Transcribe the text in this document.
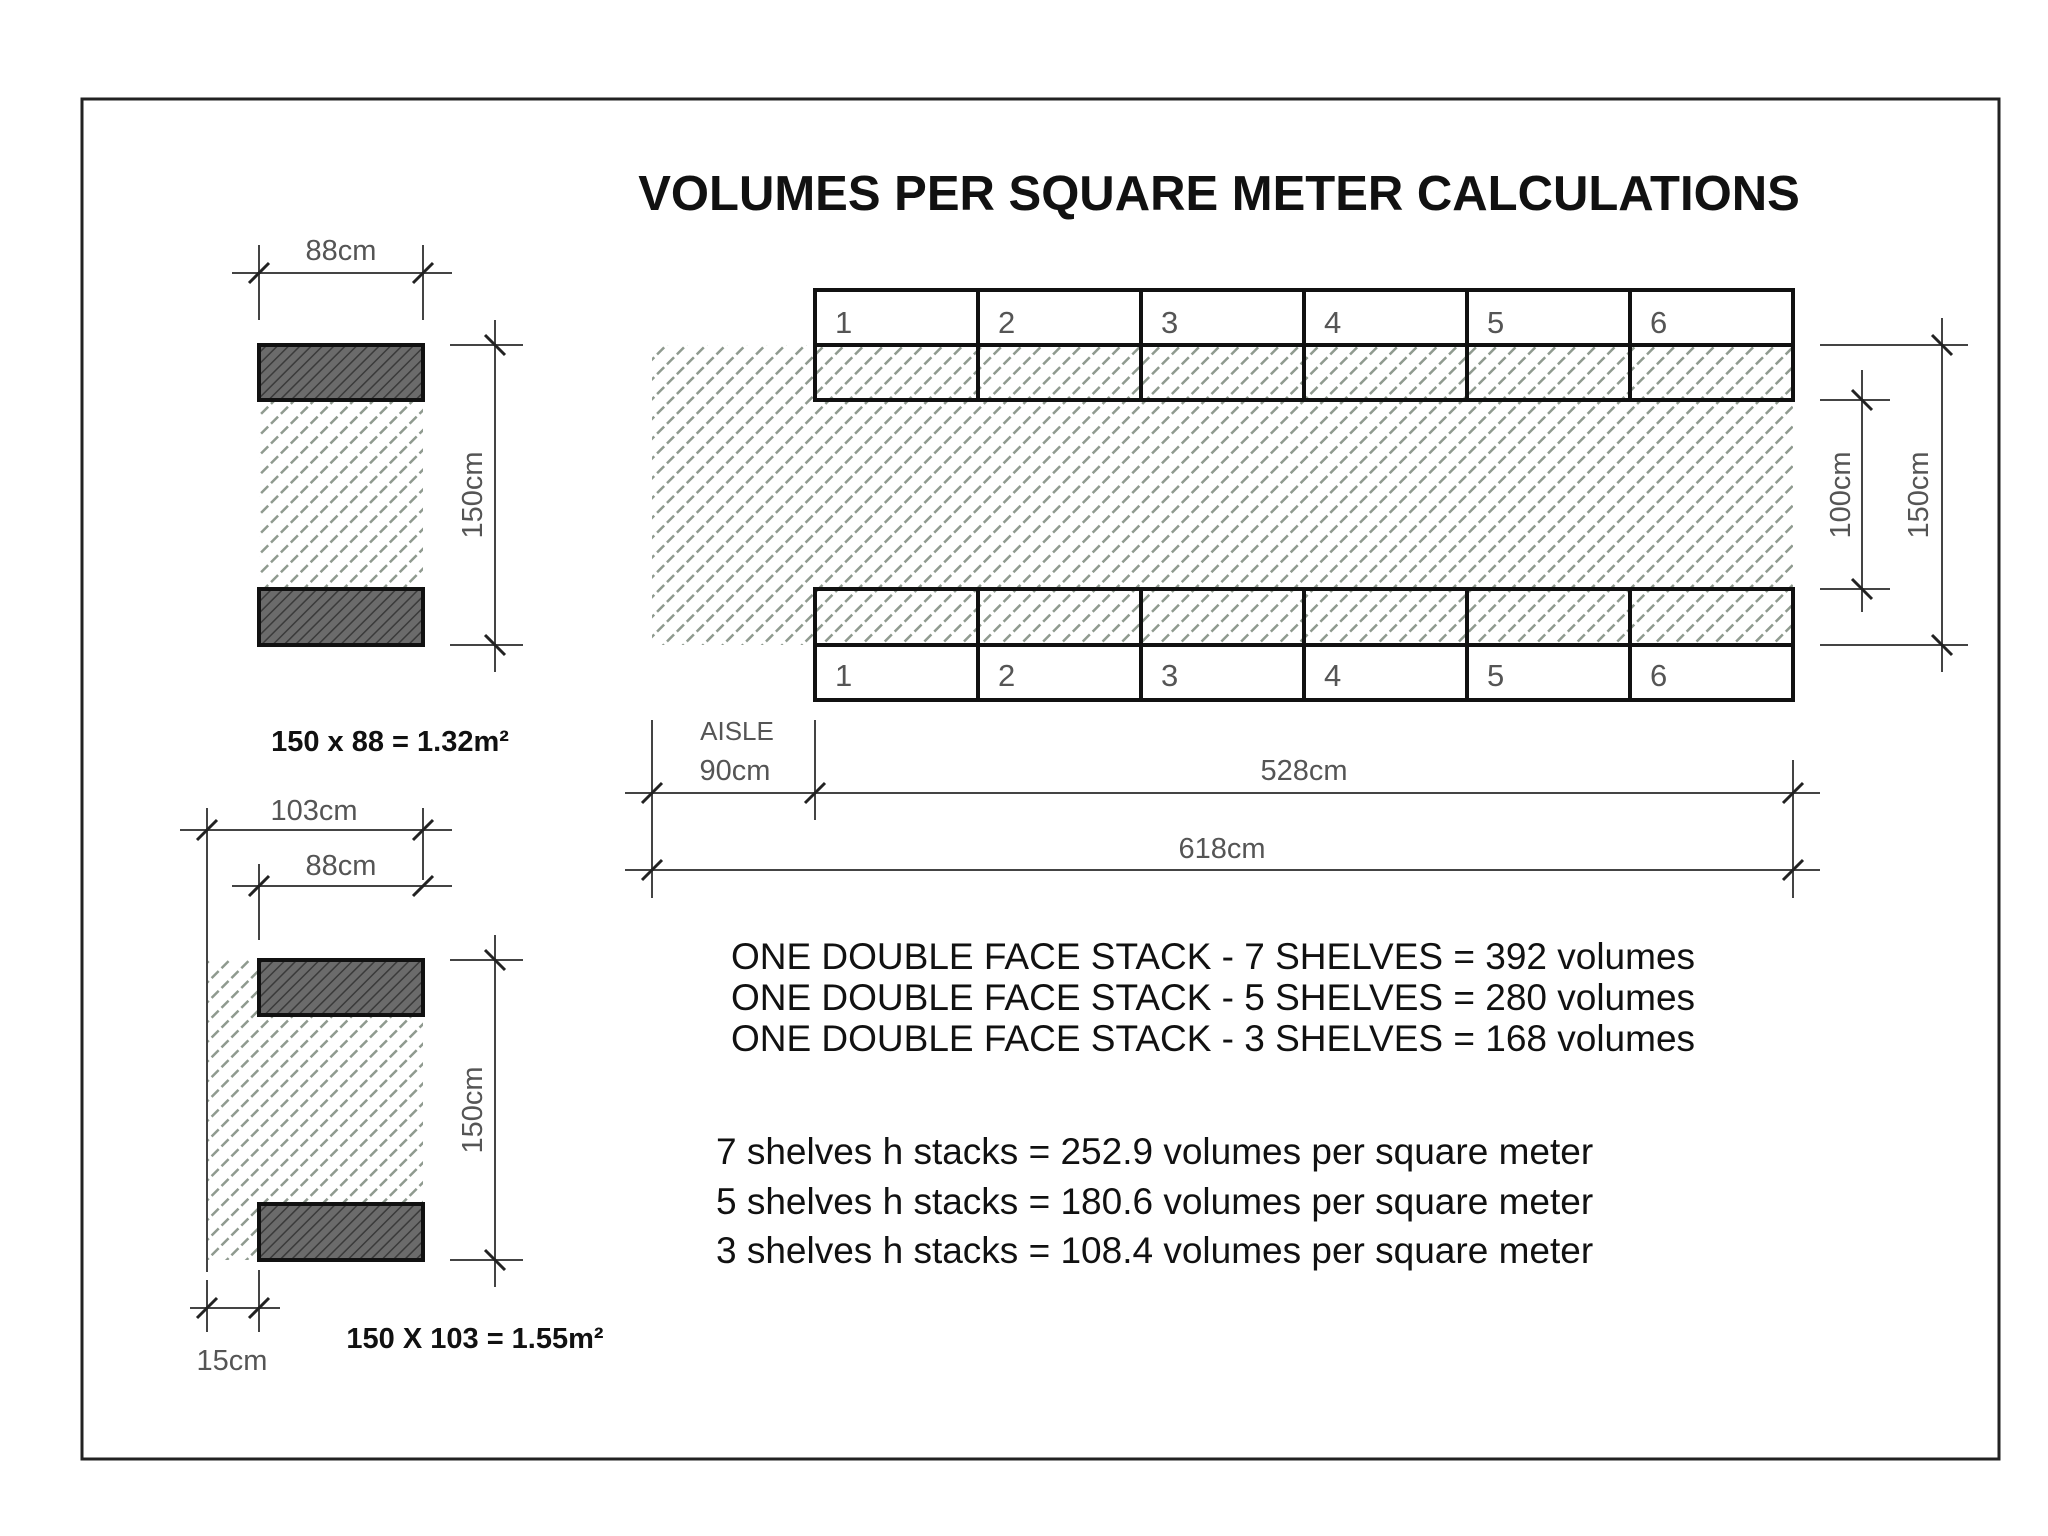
VOLUMES PER SQUARE METER CALCULATIONS
88cm
150cm
150 x 88 = 1.32m²
103cm
88cm
150cm
15cm
150 X 103 = 1.55m²
1	2	3	4	5	6
1	2	3	4	5	6
100cm 150cm
AISLE
90cm	528cm
618cm
ONE DOUBLE FACE STACK - 7 SHELVES = 392 volumes
ONE DOUBLE FACE STACK - 5 SHELVES = 280 volumes
ONE DOUBLE FACE STACK - 3 SHELVES = 168 volumes
7 shelves h stacks = 252.9 volumes per square meter
5 shelves h stacks = 180.6 volumes per square meter
3 shelves h stacks = 108.4 volumes per square meter
